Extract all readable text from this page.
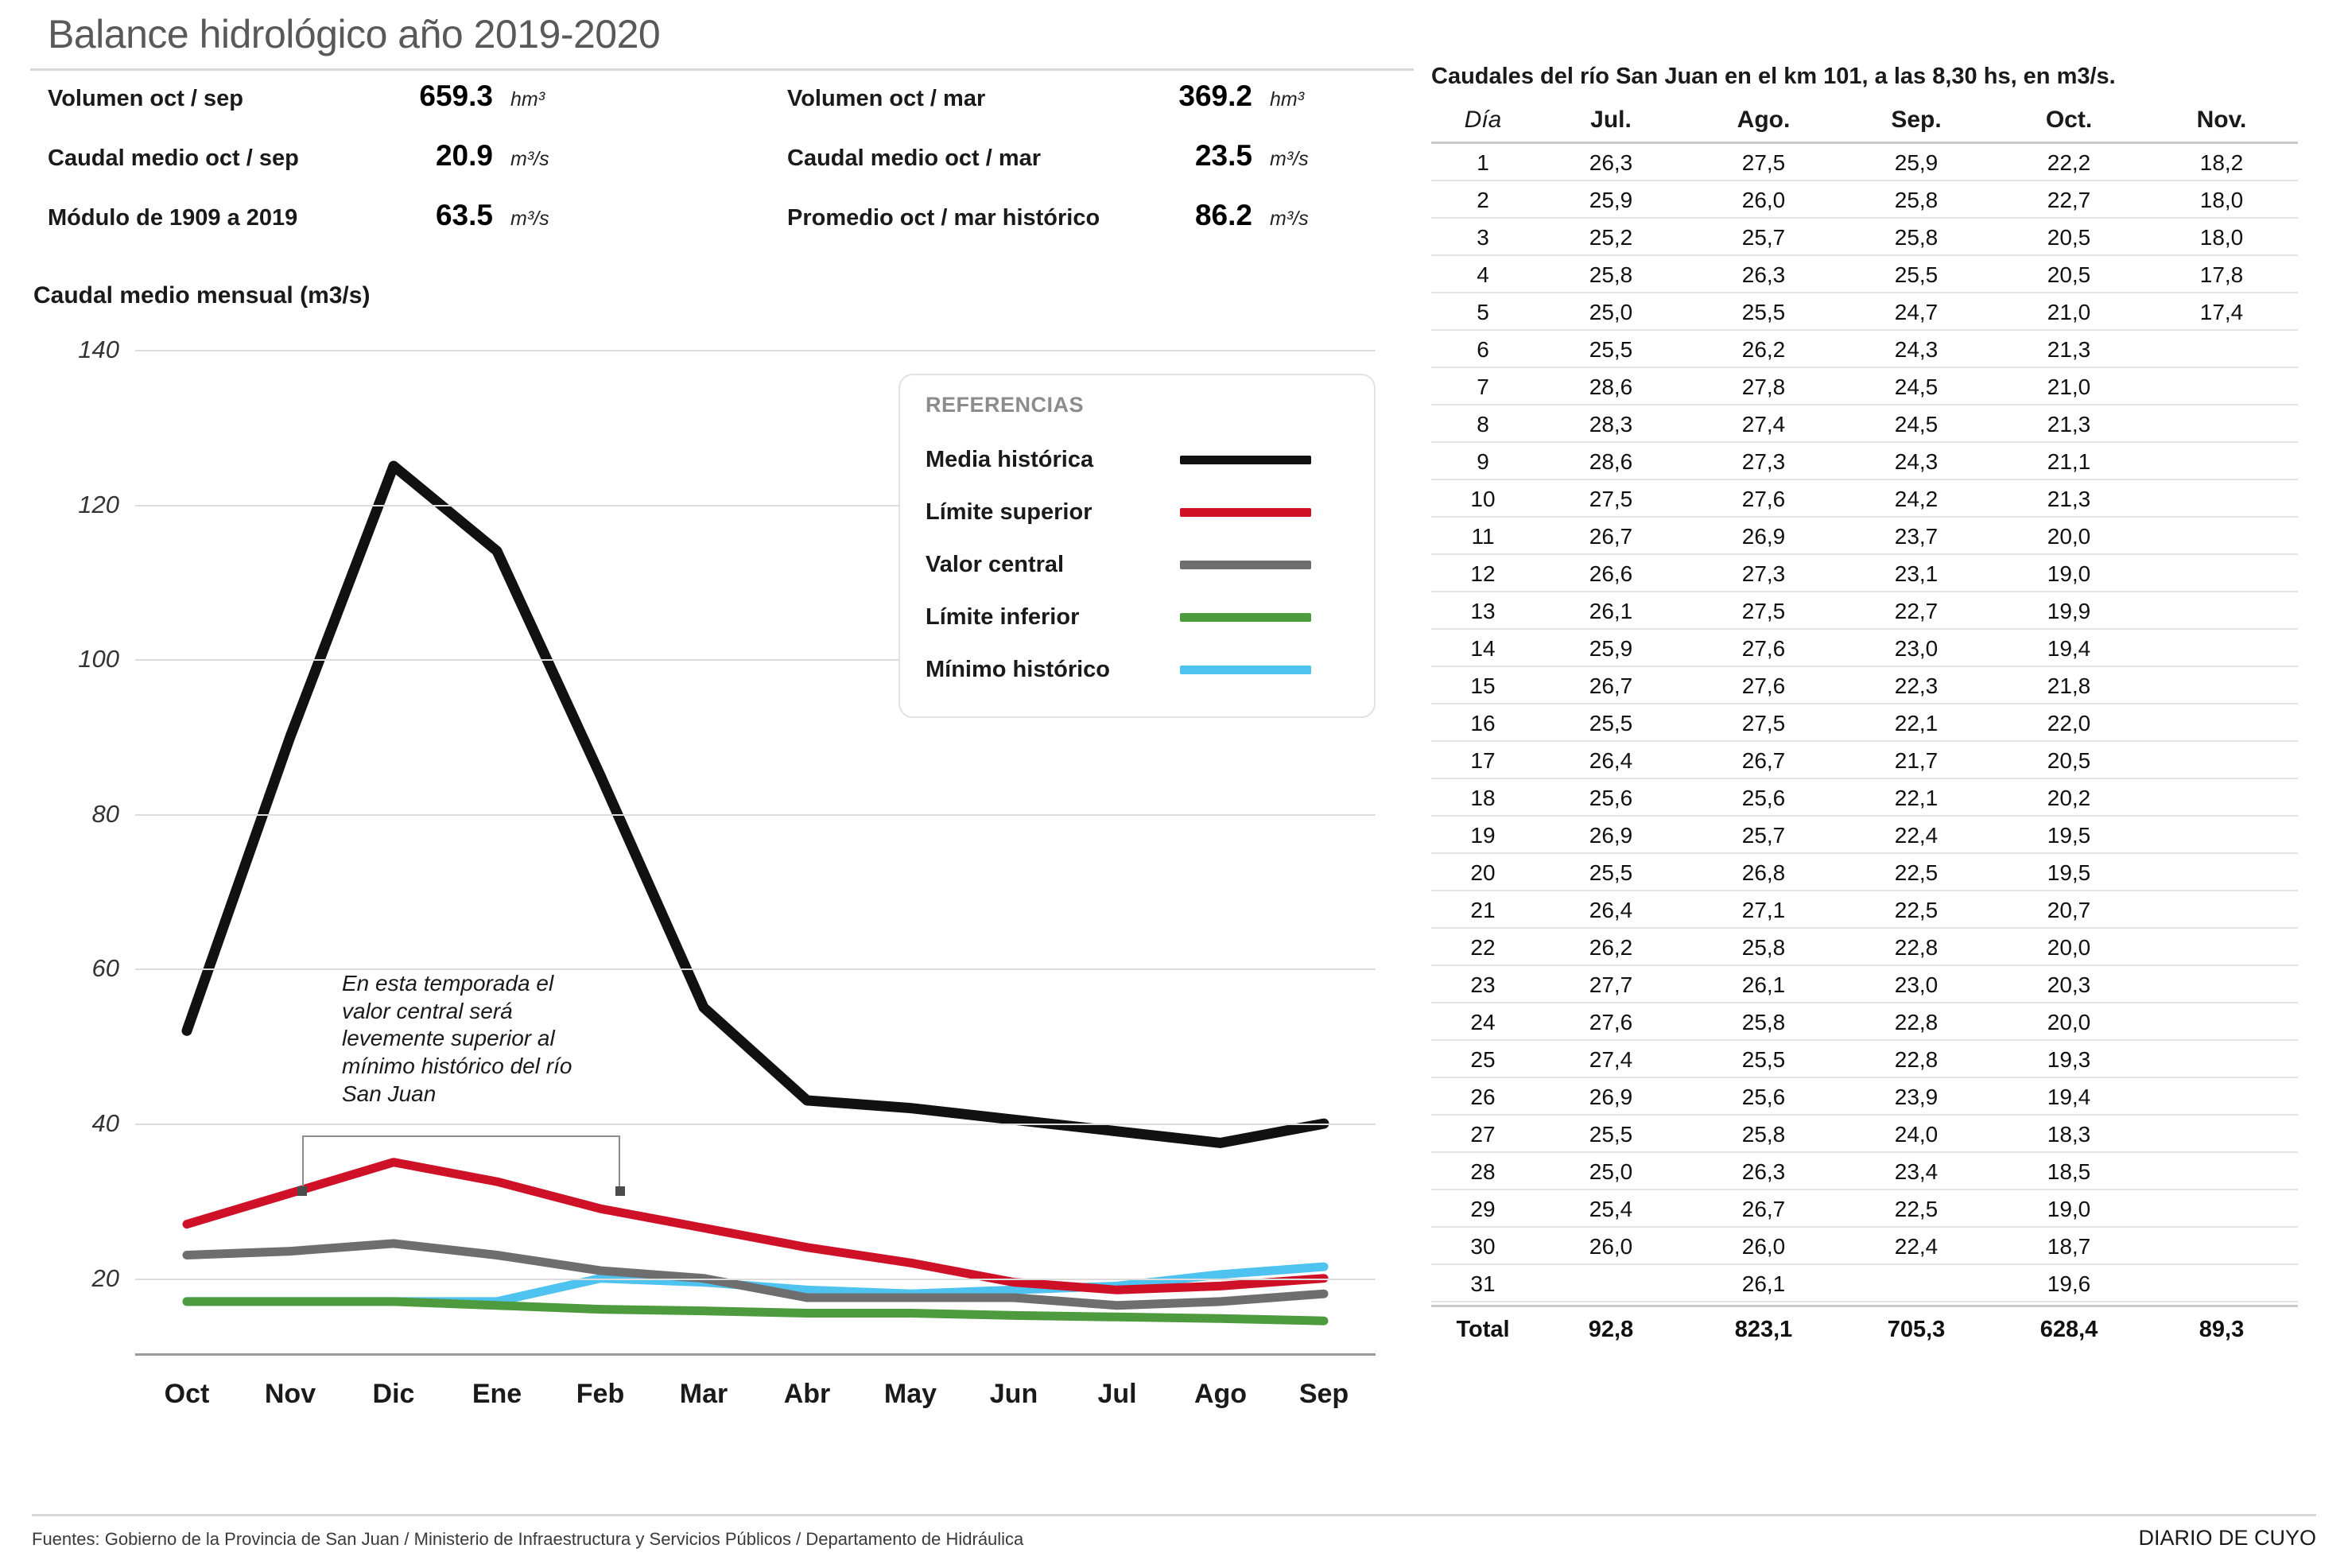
Balance hidrológico año 2019-2020
Volumen oct / sep	659.3 hm³
Caudal medio oct / sep	20.9 m³/s
Módulo de 1909 a 2019	63.5 m³/s
Volumen oct / mar	369.2 hm³
Caudal medio oct / mar	23.5 m³/s
Promedio oct / mar histórico	86.2 m³/s
Caudal medio mensual (m3/s)
20
40
60
80
100
120
140
Oct Nov Dic Ene Feb Mar Abr May Jun Jul Ago Sep
REFERENCIAS
Media histórica
Límite superior
Valor central
Límite inferior
Mínimo histórico
En esta temporada el valor central será levemente superior al mínimo histórico del río San Juan
Caudales del río San Juan en el km 101, a las 8,30 hs, en m3/s.
Día	Jul.	Ago.	Sep.	Oct.	Nov.
1	26,3	27,5	25,9	22,2	18,2
2	25,9	26,0	25,8	22,7	18,0
3	25,2	25,7	25,8	20,5	18,0
4	25,8	26,3	25,5	20,5	17,8
5	25,0	25,5	24,7	21,0	17,4
6	25,5	26,2	24,3	21,3	
7	28,6	27,8	24,5	21,0	
8	28,3	27,4	24,5	21,3	
9	28,6	27,3	24,3	21,1	
10	27,5	27,6	24,2	21,3	
11	26,7	26,9	23,7	20,0	
12	26,6	27,3	23,1	19,0	
13	26,1	27,5	22,7	19,9	
14	25,9	27,6	23,0	19,4	
15	26,7	27,6	22,3	21,8	
16	25,5	27,5	22,1	22,0	
17	26,4	26,7	21,7	20,5	
18	25,6	25,6	22,1	20,2	
19	26,9	25,7	22,4	19,5	
20	25,5	26,8	22,5	19,5	
21	26,4	27,1	22,5	20,7	
22	26,2	25,8	22,8	20,0	
23	27,7	26,1	23,0	20,3	
24	27,6	25,8	22,8	20,0	
25	27,4	25,5	22,8	19,3	
26	26,9	25,6	23,9	19,4	
27	25,5	25,8	24,0	18,3	
28	25,0	26,3	23,4	18,5	
29	25,4	26,7	22,5	19,0	
30	26,0	26,0	22,4	18,7	
31		26,1		19,6	
Total	92,8	823,1	705,3	628,4	89,3
Fuentes: Gobierno de la Provincia de San Juan / Ministerio de Infraestructura y Servicios Públicos / Departamento de Hidráulica	DIARIO DE CUYO
